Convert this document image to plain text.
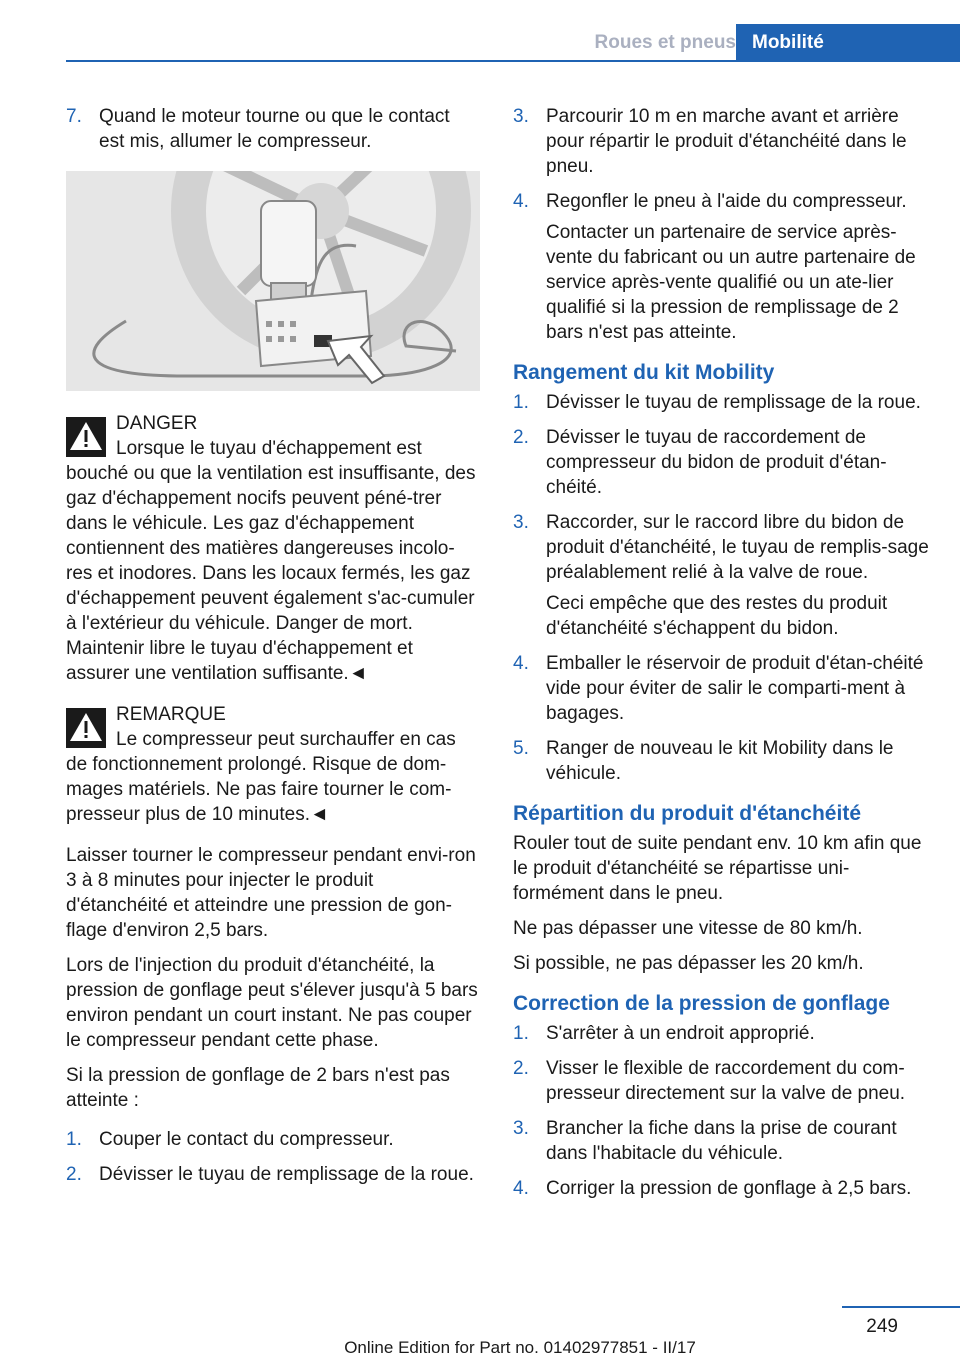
Roues et pneus Mobilité
7. Quand le moteur tourne ou que le contact est mis, allumer le compresseur.
DANGER
Lorsque le tuyau d'échappement est
bouché ou que la ventilation est insuffisante, des gaz d'échappement nocifs peuvent péné-trer dans le véhicule. Les gaz d'échappement contiennent des matières dangereuses incolo-res et inodores. Dans les locaux fermés, les gaz d'échappement peuvent également s'ac-cumuler à l'extérieur du véhicule. Danger de mort. Maintenir libre le tuyau d'échappement et assurer une ventilation suffisante.◄
REMARQUE
Le compresseur peut surchauffer en cas
de fonctionnement prolongé. Risque de dom-mages matériels. Ne pas faire tourner le com-presseur plus de 10 minutes.◄

Laisser tourner le compresseur pendant envi-ron 3 à 8 minutes pour injecter le produit d'étanchéité et atteindre une pression de gon-flage d'environ 2,5 bars.

Lors de l'injection du produit d'étanchéité, la pression de gonflage peut s'élever jusqu'à 5 bars environ pendant un court instant. Ne pas couper le compresseur pendant cette phase.

Si la pression de gonflage de 2 bars n'est pas atteinte :

1. Couper le contact du compresseur.
2. Dévisser le tuyau de remplissage de la roue.
3. Parcourir 10 m en marche avant et arrière pour répartir le produit d'étanchéité dans le pneu.
4. Regonfler le pneu à l'aide du compresseur.

Contacter un partenaire de service après-vente du fabricant ou un autre partenaire de service après-vente qualifié ou un ate-lier qualifié si la pression de remplissage de 2 bars n'est pas atteinte.

Rangement du kit Mobility
1. Dévisser le tuyau de remplissage de la roue.
2. Dévisser le tuyau de raccordement de compresseur du bidon de produit d'étan-chéité.
3. Raccorder, sur le raccord libre du bidon de produit d'étanchéité, le tuyau de remplis-sage préalablement relié à la valve de roue.

Ceci empêche que des restes du produit d'étanchéité s'échappent du bidon.

4. Emballer le réservoir de produit d'étan-chéité vide pour éviter de salir le comparti-ment à bagages.
5. Ranger de nouveau le kit Mobility dans le véhicule.
Répartition du produit d'étanchéité

Rouler tout de suite pendant env. 10 km afin que le produit d'étanchéité se répartisse uni-formément dans le pneu.

Ne pas dépasser une vitesse de 80 km/h.

Si possible, ne pas dépasser les 20 km/h.

Correction de la pression de gonflage
1. S'arrêter à un endroit approprié.
2. Visser le flexible de raccordement du com-presseur directement sur la valve de pneu.
3. Brancher la fiche dans la prise de courant dans l'habitacle du véhicule.
4. Corriger la pression de gonflage à 2,5 bars.
249
Online Edition for Part no. 01402977851 - II/17
